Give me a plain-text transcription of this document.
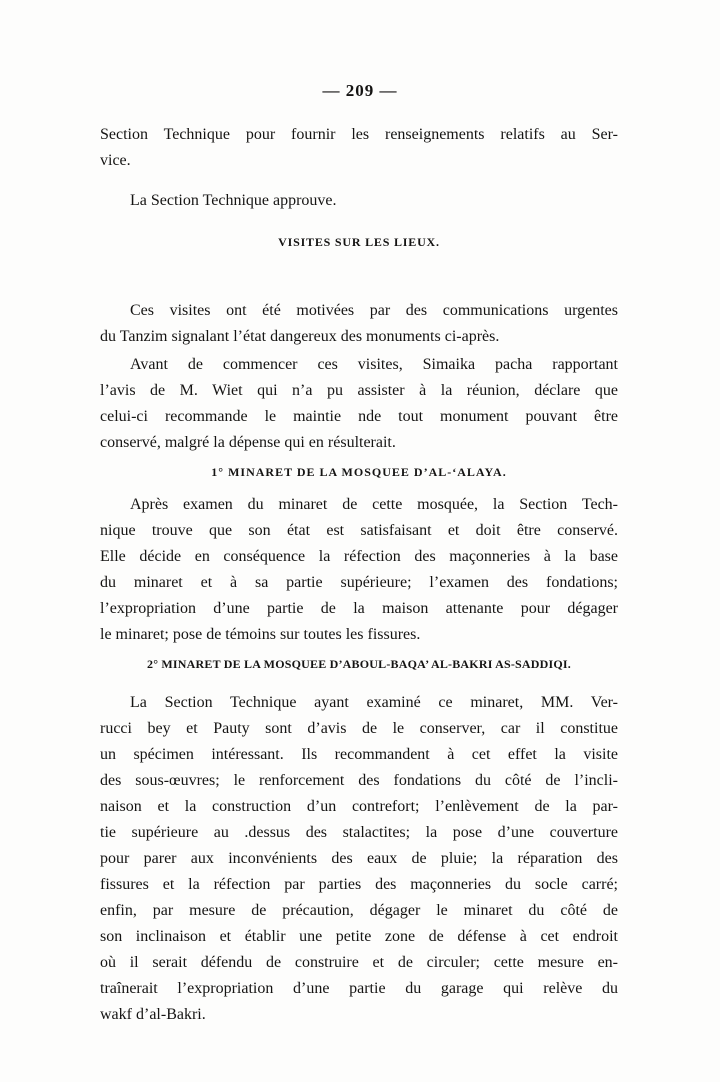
— 209 —

Section Technique pour fournir les renseignements relatifs au Ser-
vice.

La Section Technique approuve.

VISITES SUR LES LIEUX.

Ces visites ont été motivées par des communications urgentes
du Tanzim signalant l’état dangereux des monuments ci-après.

Avant de commencer ces visites, Simaika pacha rapportant
l’avis de M. Wiet qui n’a pu assister à la réunion, déclare que
celui-ci recommande le maintie nde tout monument pouvant être
conservé, malgré la dépense qui en résulterait.

1° MINARET DE LA MOSQUEE D’AL-‘ALAYA.

Après examen du minaret de cette mosquée, la Section Tech-
nique trouve que son état est satisfaisant et doit être conservé.
Elle décide en conséquence la réfection des maçonneries à la base
du minaret et à sa partie supérieure; l’examen des fondations;
l’expropriation d’une partie de la maison attenante pour dégager
le minaret; pose de témoins sur toutes les fissures.

2° MINARET DE LA MOSQUEE D’ABOUL-BAQA’ AL-BAKRI AS-SADDIQI.

La Section Technique ayant examiné ce minaret, MM. Ver-
rucci bey et Pauty sont d’avis de le conserver, car il constitue
un spécimen intéressant. Ils recommandent à cet effet la visite
des sous-œuvres; le renforcement des fondations du côté de l’incli-
naison et la construction d’un contrefort; l’enlèvement de la par-
tie supérieure au .dessus des stalactites; la pose d’une couverture
pour parer aux inconvénients des eaux de pluie; la réparation des
fissures et la réfection par parties des maçonneries du socle carré;
enfin, par mesure de précaution, dégager le minaret du côté de
son inclinaison et établir une petite zone de défense à cet endroit
où il serait défendu de construire et de circuler; cette mesure en-
traînerait l’expropriation d’une partie du garage qui relève du
wakf d’al-Bakri.
